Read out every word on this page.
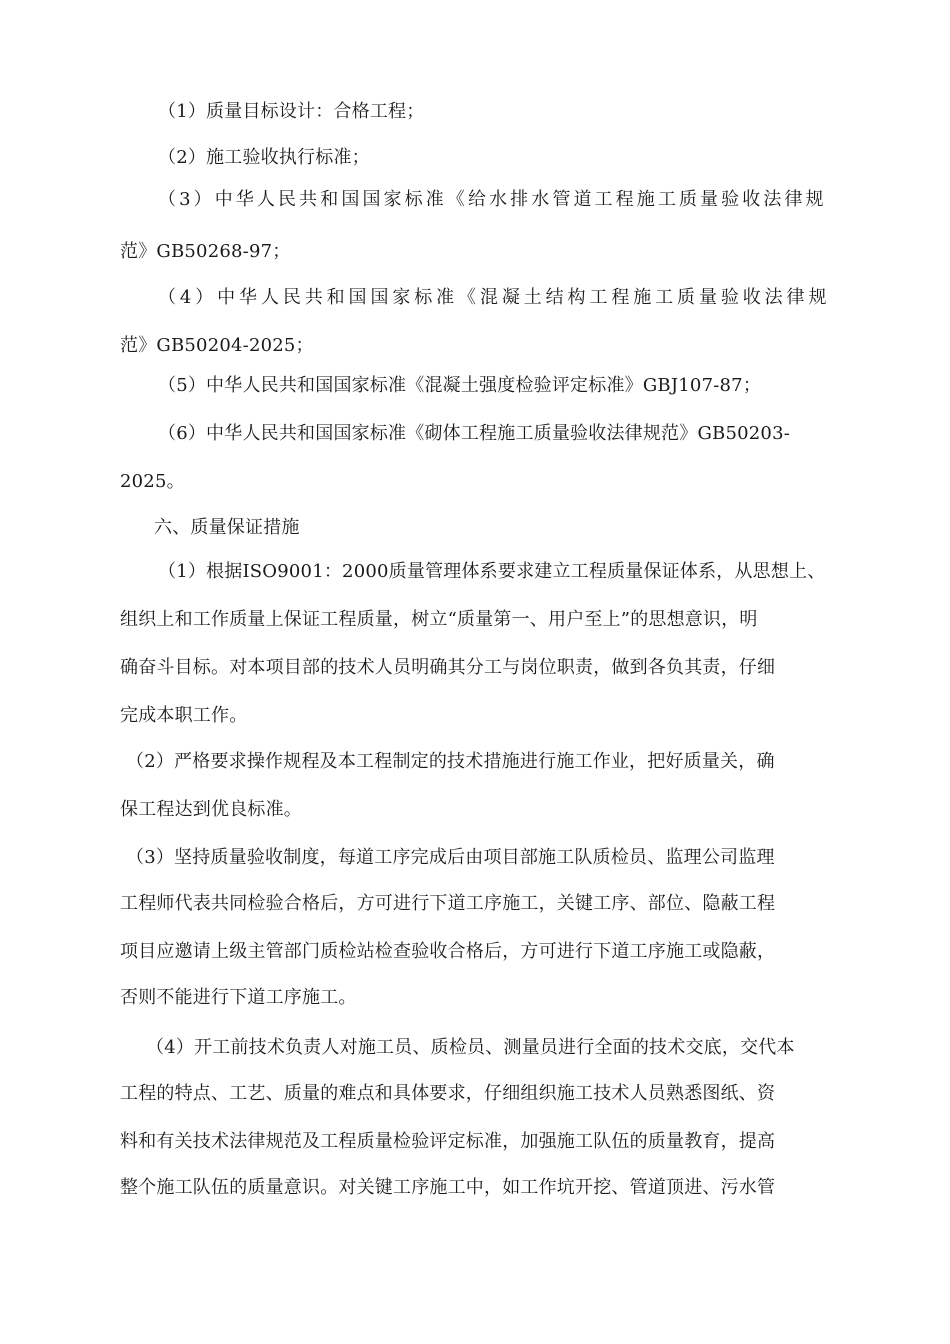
（1）质量目标设计：合格工程；
（2）施工验收执行标准；
（3）中华人民共和国国家标准《给水排水管道工程施工质量验收法律规
范》GB50268-97；
（4）中华人民共和国国家标准《混凝土结构工程施工质量验收法律规
范》GB50204-2025；
（5）中华人民共和国国家标准《混凝土强度检验评定标准》GBJ107-87；
（6）中华人民共和国国家标准《砌体工程施工质量验收法律规范》GB50203-
2025。
六、质量保证措施
（1）根据ISO9001：2000质量管理体系要求建立工程质量保证体系，从思想上、
组织上和工作质量上保证工程质量，树立“质量第一、用户至上”的思想意识，明
确奋斗目标。对本项目部的技术人员明确其分工与岗位职责，做到各负其责，仔细
完成本职工作。
（2）严格要求操作规程及本工程制定的技术措施进行施工作业，把好质量关，确
保工程达到优良标准。
（3）坚持质量验收制度，每道工序完成后由项目部施工队质检员、监理公司监理
工程师代表共同检验合格后，方可进行下道工序施工，关键工序、部位、隐蔽工程
项目应邀请上级主管部门质检站检查验收合格后，方可进行下道工序施工或隐蔽，
否则不能进行下道工序施工。
（4）开工前技术负责人对施工员、质检员、测量员进行全面的技术交底，交代本
工程的特点、工艺、质量的难点和具体要求，仔细组织施工技术人员熟悉图纸、资
料和有关技术法律规范及工程质量检验评定标准，加强施工队伍的质量教育，提高
整个施工队伍的质量意识。对关键工序施工中，如工作坑开挖、管道顶进、污水管
